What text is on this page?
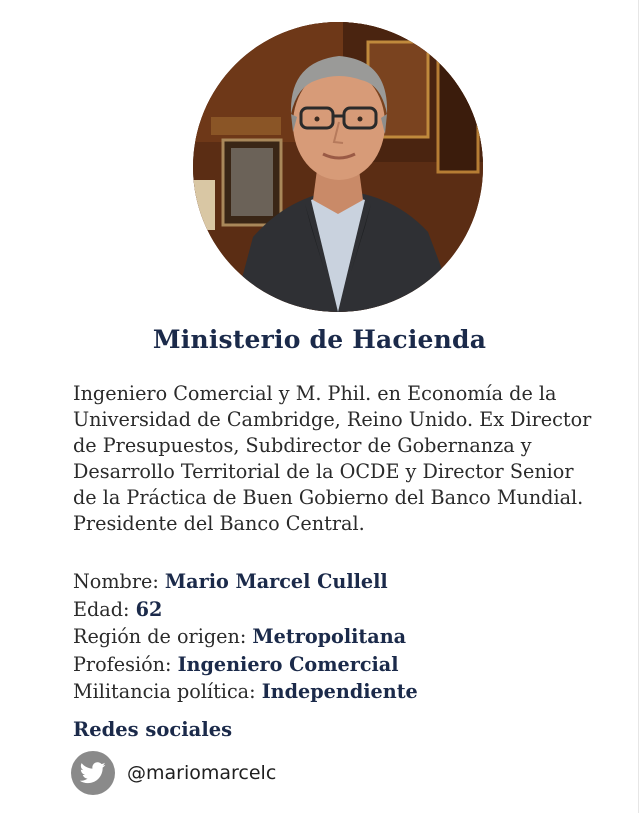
Ministerio de Hacienda
Ingeniero Comercial y M. Phil. en Economía de la
Universidad de Cambridge, Reino Unido. Ex Director
de Presupuestos, Subdirector de Gobernanza y
Desarrollo Territorial de la OCDE y Director Senior
de la Práctica de Buen Gobierno del Banco Mundial.
Presidente del Banco Central.
Nombre: Mario Marcel Cullell
Edad: 62
Región de origen: Metropolitana
Profesión: Ingeniero Comercial
Militancia política: Independiente
Redes sociales
@mariomarcelc
